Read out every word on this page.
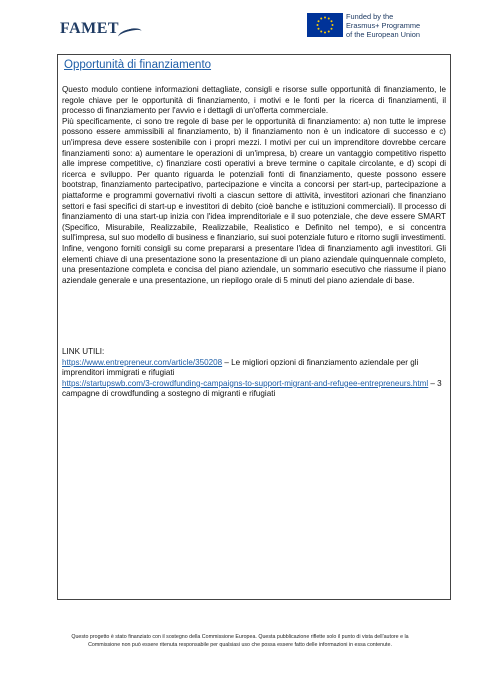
FAMET
Funded by the
Erasmus+ Programme
of the European Union
Opportunità di finanziamento

Questo modulo contiene informazioni dettagliate, consigli e risorse sulle opportunità di finanziamento, le regole chiave per le opportunità di finanziamento, i motivi e le fonti per la ricerca di finanziamenti, il processo di finanziamento per l'avvio e i dettagli di un'offerta commerciale.

Più specificamente, ci sono tre regole di base per le opportunità di finanziamento: a) non tutte le imprese possono essere ammissibili al finanziamento, b) il finanziamento non è un indicatore di successo e c) un'impresa deve essere sostenibile con i propri mezzi. I motivi per cui un imprenditore dovrebbe cercare finanziamenti sono: a) aumentare le operazioni di un'impresa, b) creare un vantaggio competitivo rispetto alle imprese competitive, c) finanziare costi operativi a breve termine o capitale circolante, e d) scopi di ricerca e sviluppo. Per quanto riguarda le potenziali fonti di finanziamento, queste possono essere bootstrap, finanziamento partecipativo, partecipazione e vincita a concorsi per start-up, partecipazione a piattaforme e programmi governativi rivolti a ciascun settore di attività, investitori azionari che finanziano settori e fasi specifici di start-up e investitori di debito (cioè banche e istituzioni commerciali). Il processo di finanziamento di una start-up inizia con l'idea imprenditoriale e il suo potenziale, che deve essere SMART (Specifico, Misurabile, Realizzabile, Realizzabile, Realistico e Definito nel tempo), e si concentra sull'impresa, sul suo modello di business e finanziario, sui suoi potenziale futuro e ritorno sugli investimenti. Infine, vengono forniti consigli su come prepararsi a presentare l'idea di finanziamento agli investitori. Gli elementi chiave di una presentazione sono la presentazione di un piano aziendale quinquennale completo, una presentazione completa e concisa del piano aziendale, un sommario esecutivo che riassume il piano aziendale generale e una presentazione, un riepilogo orale di 5 minuti del piano aziendale di base.

LINK UTILI:

https://www.entrepreneur.com/article/350208 – Le migliori opzioni di finanziamento aziendale per gli imprenditori immigrati e rifugiati

https://startupswb.com/3-crowdfunding-campaigns-to-support-migrant-and-refugee-entrepreneurs.html – 3 campagne di crowdfunding a sostegno di migranti e rifugiati

Questo progetto è stato finanziato con il sostegno della Commissione Europea. Questa pubblicazione riflette solo il punto di vista dell'autore e la

Commissione non può essere ritenuta responsabile per qualsiasi uso che possa essere fatto delle informazioni in essa contenute.
